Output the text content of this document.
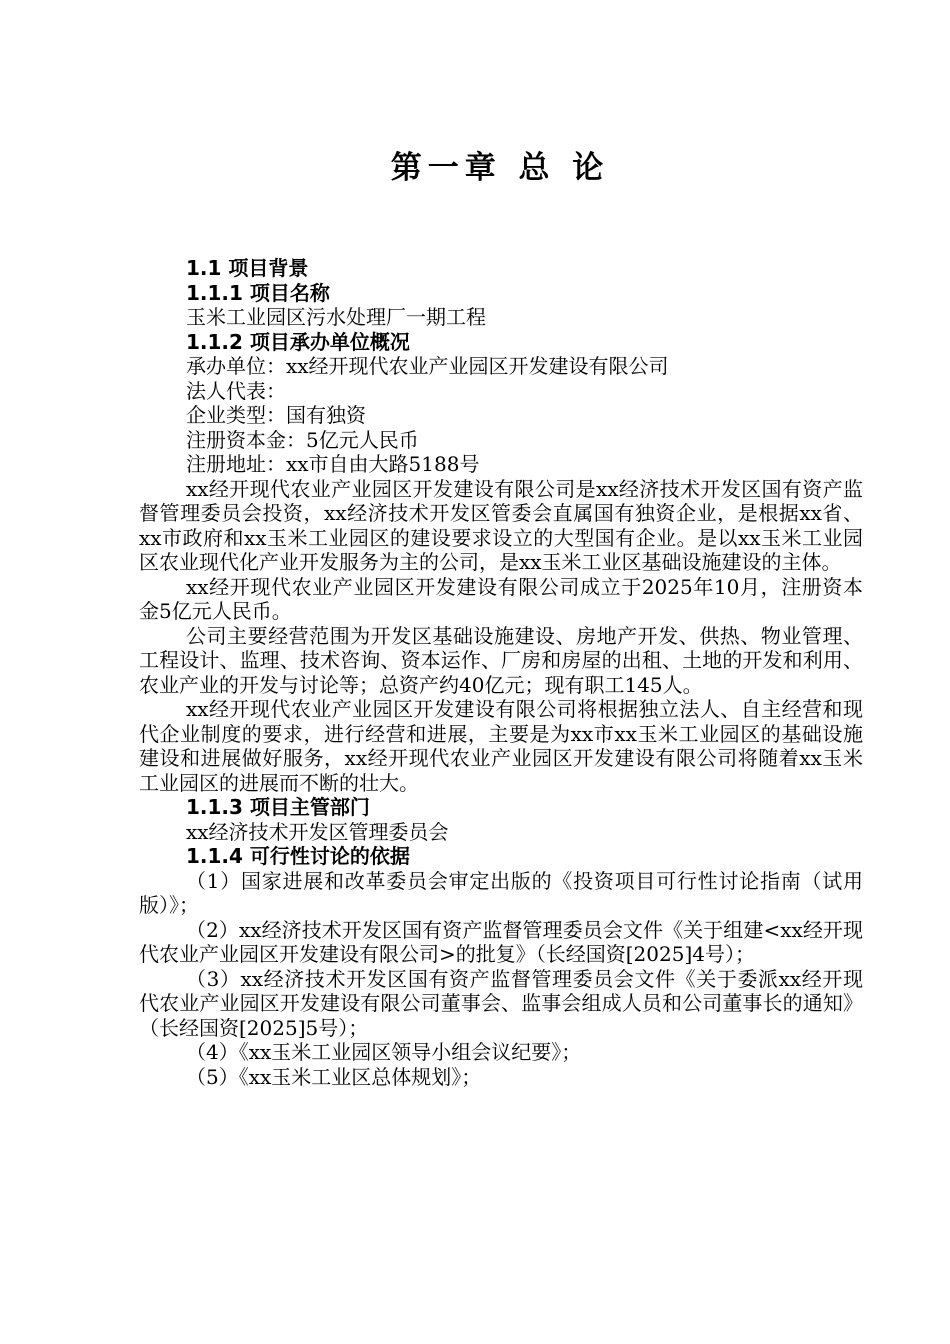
第一章 总 论

1.1 项目背景

1.1.1 项目名称

玉米工业园区污水处理厂一期工程

1.1.2 项目承办单位概况

承办单位：xx经开现代农业产业园区开发建设有限公司

法人代表：

企业类型：国有独资

注册资本金：5亿元人民币

注册地址：xx市自由大路5188号

xx经开现代农业产业园区开发建设有限公司是xx经济技术开发区国有资产监督管理委员会投资，xx经济技术开发区管委会直属国有独资企业，是根据xx省、xx市政府和xx玉米工业园区的建设要求设立的大型国有企业。是以xx玉米工业园区农业现代化产业开发服务为主的公司，是xx玉米工业区基础设施建设的主体。

xx经开现代农业产业园区开发建设有限公司成立于2025年10月，注册资本金5亿元人民币。

公司主要经营范围为开发区基础设施建设、房地产开发、供热、物业管理、工程设计、监理、技术咨询、资本运作、厂房和房屋的出租、土地的开发和利用、农业产业的开发与讨论等；总资产约40亿元；现有职工145人。

xx经开现代农业产业园区开发建设有限公司将根据独立法人、自主经营和现代企业制度的要求，进行经营和进展，主要是为xx市xx玉米工业园区的基础设施建设和进展做好服务，xx经开现代农业产业园区开发建设有限公司将随着xx玉米工业园区的进展而不断的壮大。

1.1.3 项目主管部门

xx经济技术开发区管理委员会

1.1.4 可行性讨论的依据

（1）国家进展和改革委员会审定出版的《投资项目可行性讨论指南（试用版）》；

（2）xx经济技术开发区国有资产监督管理委员会文件《关于组建<xx经开现代农业产业园区开发建设有限公司>的批复》（长经国资[2025]4号）；

（3）xx经济技术开发区国有资产监督管理委员会文件《关于委派xx经开现代农业产业园区开发建设有限公司董事会、监事会组成人员和公司董事长的通知》（长经国资[2025]5号）；

（4）《xx玉米工业园区领导小组会议纪要》；

（5）《xx玉米工业区总体规划》；
